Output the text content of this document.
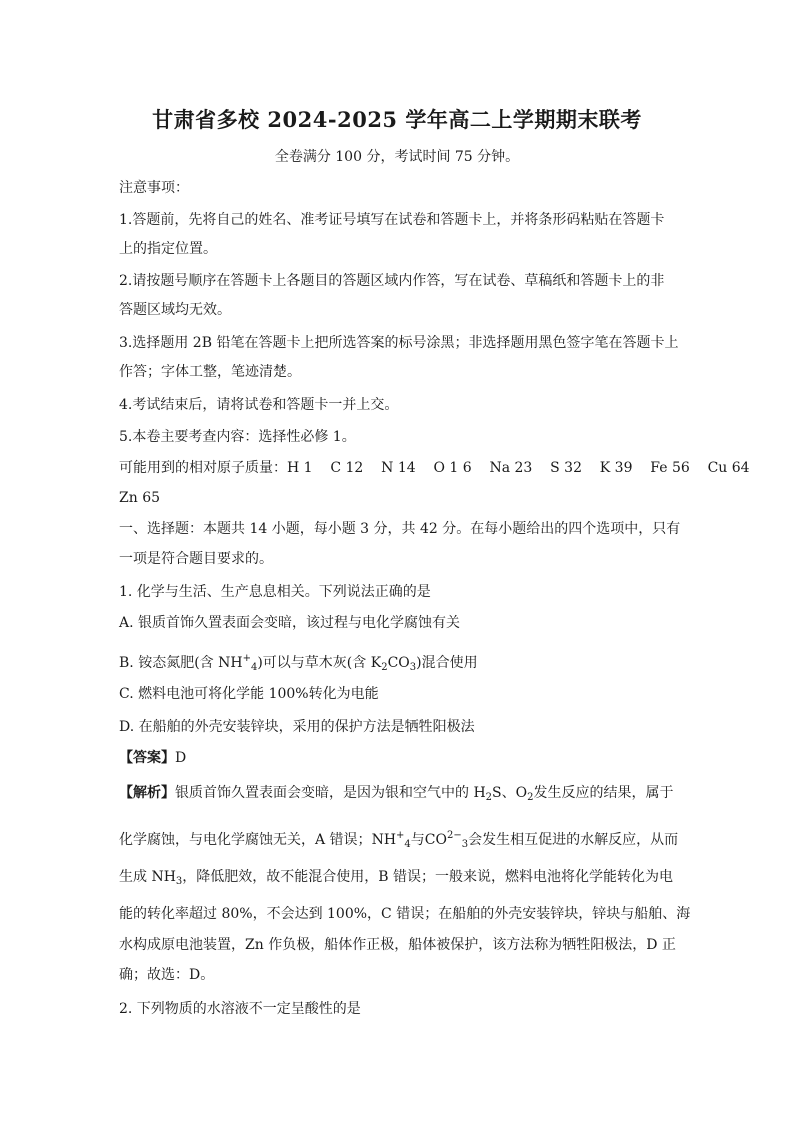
甘肃省多校 2024-2025 学年高二上学期期末联考
全卷满分 100 分，考试时间 75 分钟。
注意事项：
1.答题前，先将自己的姓名、准考证号填写在试卷和答题卡上，并将条形码粘贴在答题卡
上的指定位置。
2.请按题号顺序在答题卡上各题目的答题区域内作答，写在试卷、草稿纸和答题卡上的非
答题区域均无效。
3.选择题用 2B 铅笔在答题卡上把所选答案的标号涂黑；非选择题用黑色签字笔在答题卡上
作答；字体工整，笔迹清楚。
4.考试结束后，请将试卷和答题卡一并上交。
5.本卷主要考查内容：选择性必修 1。
可能用到的相对原子质量：H 1    C 12    N 14    O 1 6    Na 23    S 32    K 39    Fe 56    Cu 64
Zn 65
一、选择题：本题共 14 小题，每小题 3 分，共 42 分。在每小题给出的四个选项中，只有
一项是符合题目要求的。
1. 化学与生活、生产息息相关。下列说法正确的是
A. 银质首饰久置表面会变暗，该过程与电化学腐蚀有关
B. 铵态氮肥(含 $NH^+_4$)可以与草木灰(含 $K_2CO_3$)混合使用
C. 燃料电池可将化学能 100%转化为电能
D. 在船舶的外壳安装锌块，采用的保护方法是牺牲阳极法
【答案】D
【解析】银质首饰久置表面会变暗，是因为银和空气中的 $H_2S$、$O_2$发生反应的结果，属于
化学腐蚀，与电化学腐蚀无关，A 错误；$NH^+_4$与$CO^{2-}_3$会发生相互促进的水解反应，从而
生成 $NH_3$，降低肥效，故不能混合使用，B 错误；一般来说，燃料电池将化学能转化为电
能的转化率超过 80%，不会达到 100%，C 错误；在船舶的外壳安装锌块，锌块与船舶、海
水构成原电池装置，Zn 作负极，船体作正极，船体被保护，该方法称为牺牲阳极法，D 正
确；故选：D。
2. 下列物质的水溶液不一定呈酸性的是
